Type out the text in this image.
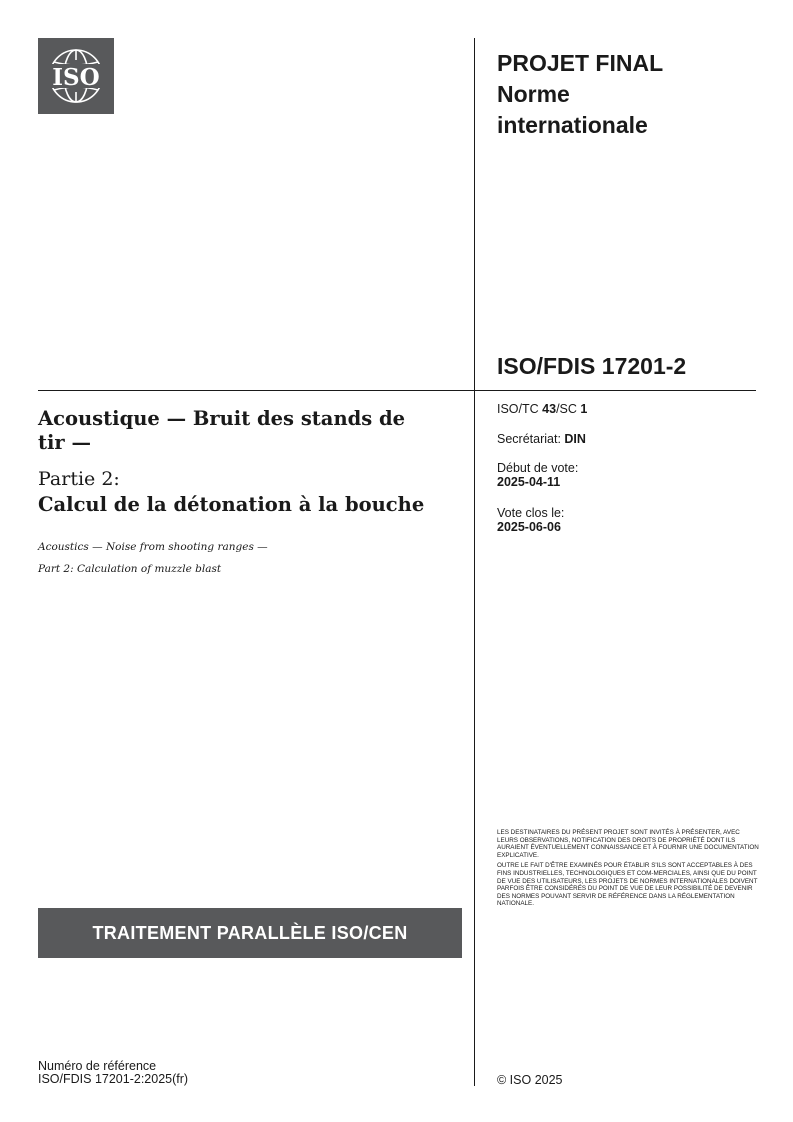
ISO
PROJET FINAL
Norme
internationale
ISO/FDIS 17201-2
ISO/TC 43/SC 1
Secrétariat: DIN
Début de vote:
2025-04-11
Vote clos le:
2025-06-06
Acoustique — Bruit des stands de tir —
Partie 2:
Calcul de la détonation à la bouche
Acoustics — Noise from shooting ranges —
Part 2: Calculation of muzzle blast
TRAITEMENT PARALLÈLE ISO/CEN

LES DESTINATAIRES DU PRÉSENT PROJET SONT INVITÉS À PRÉSENTER, AVEC LEURS OBSERVATIONS, NOTIFICATION DES DROITS DE PROPRIÉTÉ DONT ILS AURAIENT ÉVENTUELLEMENT CONNAISSANCE ET À FOURNIR UNE DOCUMENTATION EXPLICATIVE.

OUTRE LE FAIT D'ÊTRE EXAMINÉS POUR ÉTABLIR S'ILS SONT ACCEPTABLES À DES FINS INDUSTRIELLES, TECHNOLOGIQUES ET COM-MERCIALES, AINSI QUE DU POINT DE VUE DES UTILISATEURS, LES PROJETS DE NORMES INTERNATIONALES DOIVENT PARFOIS ÊTRE CONSIDÉRÉS DU POINT DE VUE DE LEUR POSSIBILITÉ DE DEVENIR DES NORMES POUVANT SERVIR DE RÉFÉRENCE DANS LA RÉGLEMENTATION NATIONALE.

Numéro de référence
ISO/FDIS 17201-2:2025(fr)	© ISO 2025
